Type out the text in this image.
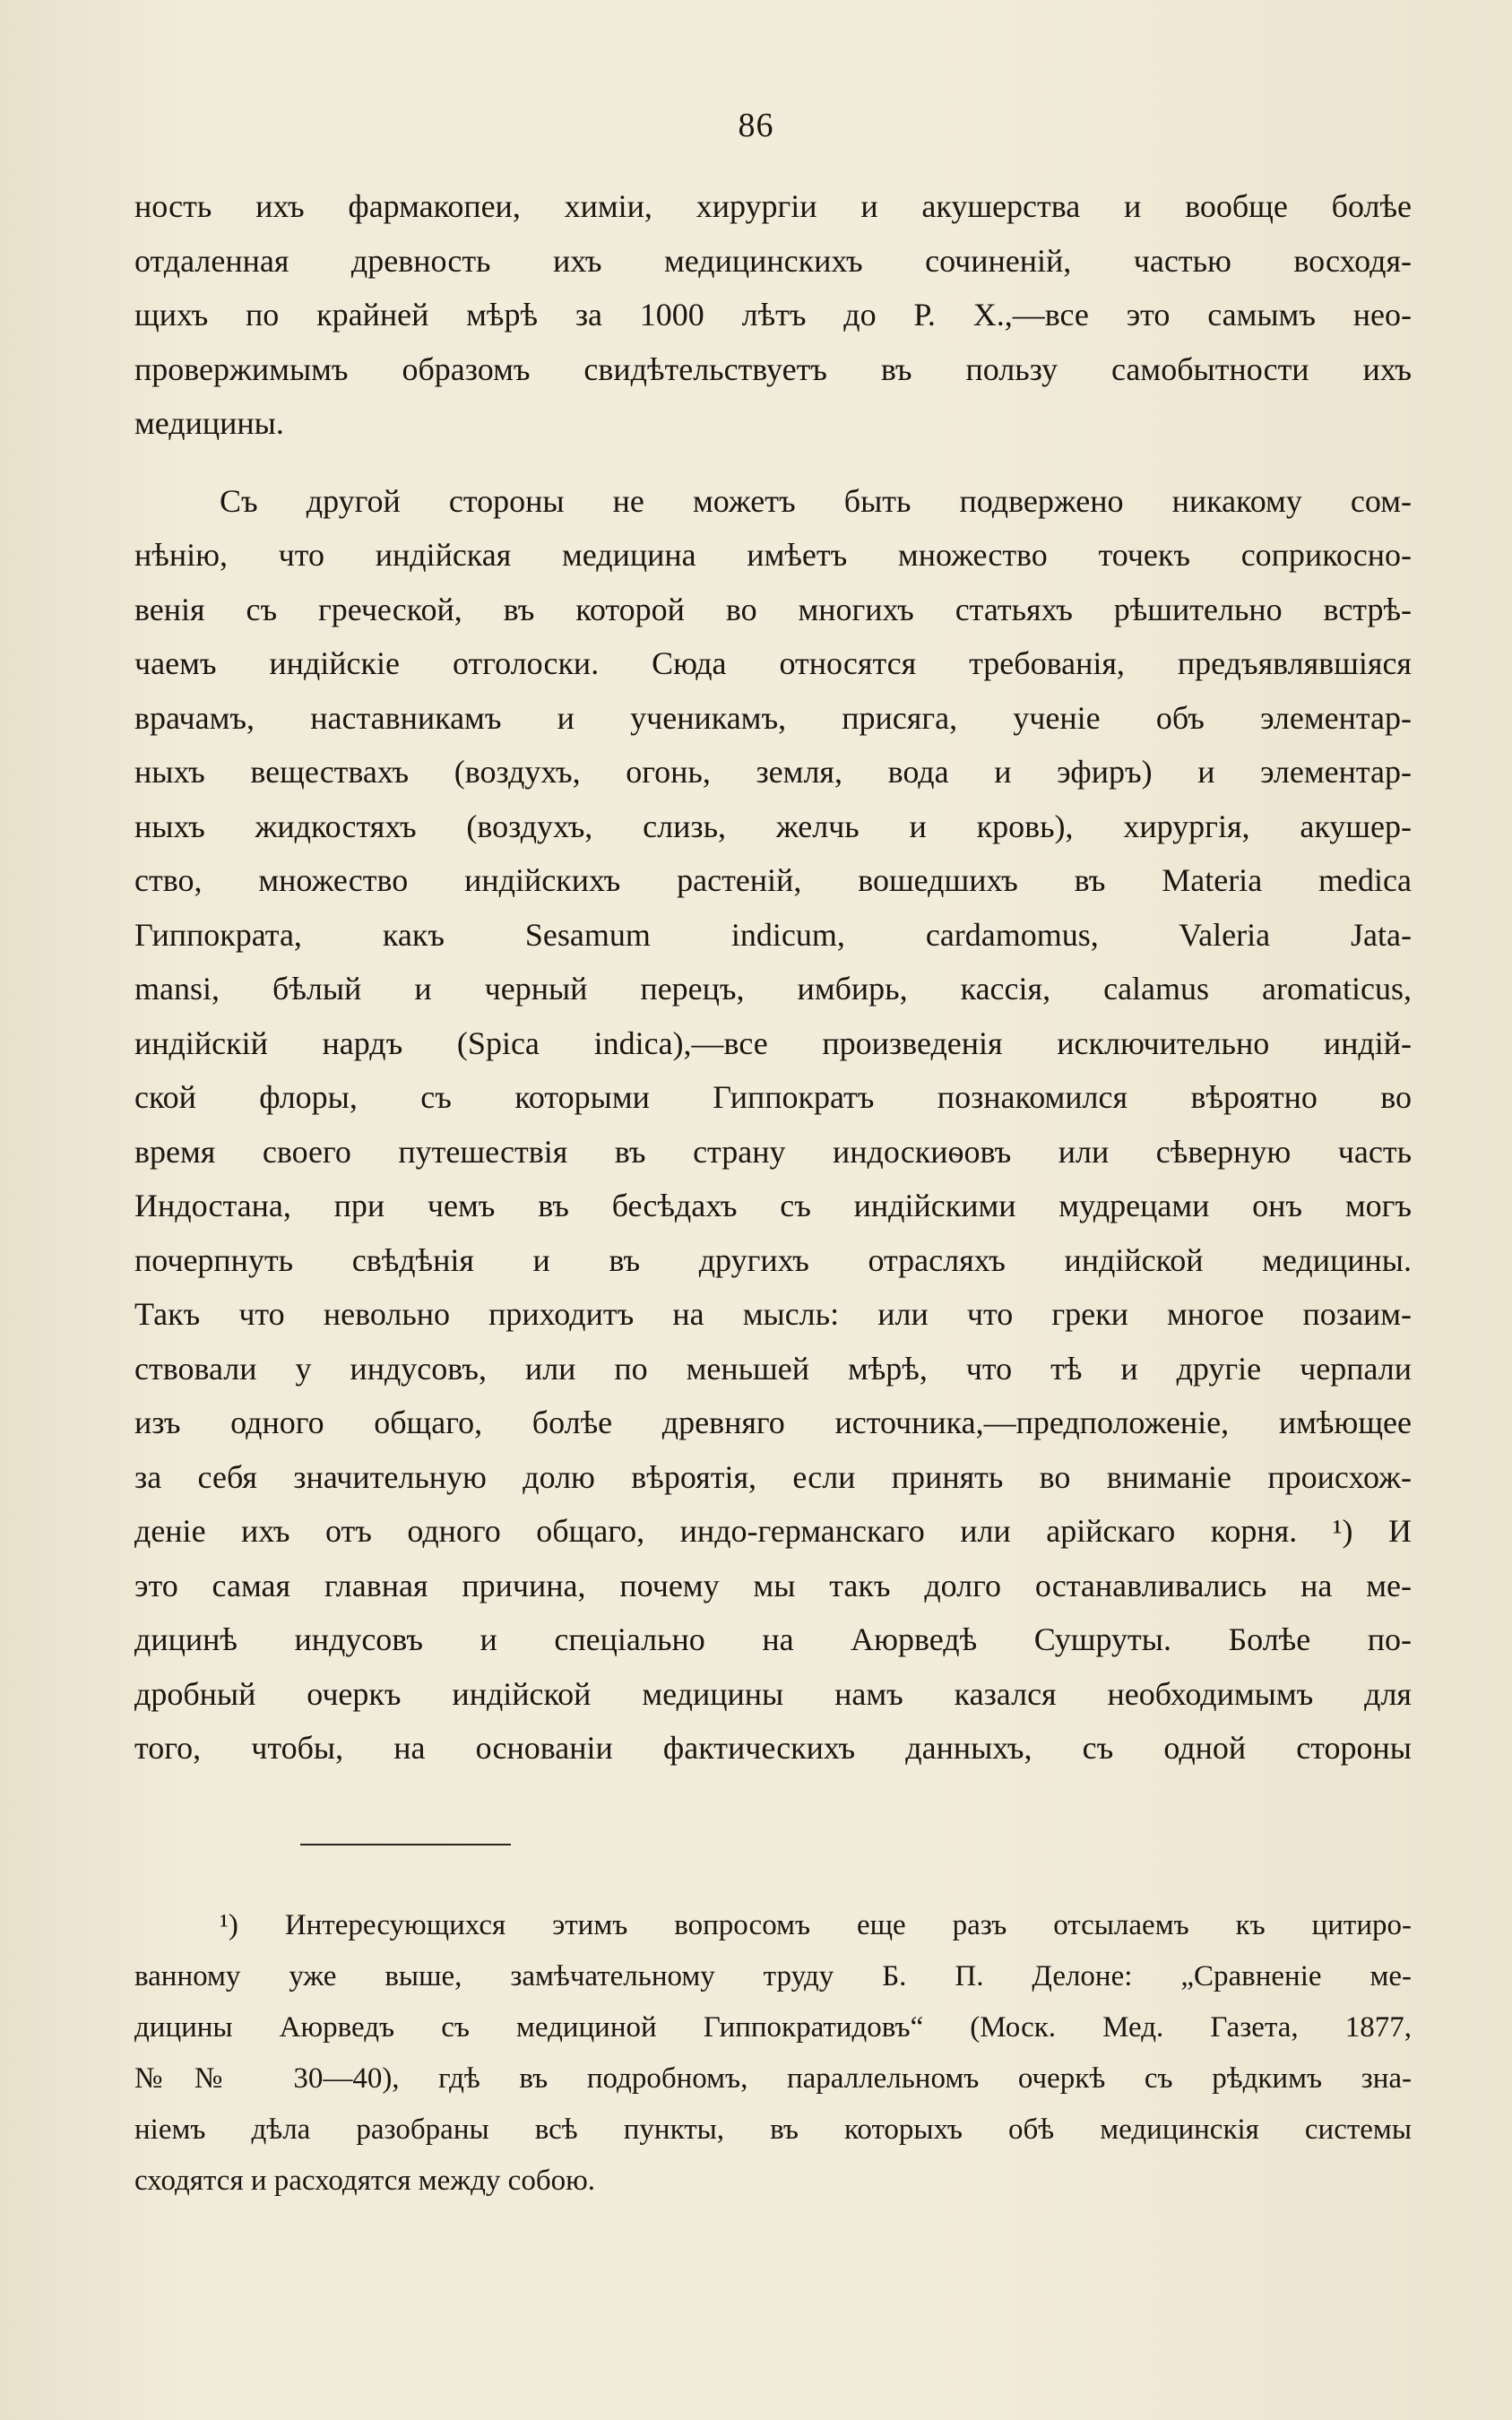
86
ность ихъ фармакопеи, химіи, хирургіи и акушерства и вообще болѣе
отдаленная древность ихъ медицинскихъ сочиненій, частью восходя-
щихъ по крайней мѣрѣ за 1000 лѣтъ до Р. Х.,—все это самымъ нео-
провержимымъ образомъ свидѣтельствуетъ въ пользу самобытности ихъ
медицины.
Съ другой стороны не можетъ быть подвержено никакому сом-
нѣнію, что индійская медицина имѣетъ множество точекъ соприкосно-
венія съ греческой, въ которой во многихъ статьяхъ рѣшительно встрѣ-
чаемъ индійскіе отголоски. Сюда относятся требованія, предъявлявшіяся
врачамъ, наставникамъ и ученикамъ, присяга, ученіе объ элементар-
ныхъ веществахъ (воздухъ, огонь, земля, вода и эфиръ) и элементар-
ныхъ жидкостяхъ (воздухъ, слизь, желчь и кровь), хирургія, акушер-
ство, множество индійскихъ растеній, вошедшихъ въ Materia medica
Гиппократа, какъ Sesamum indicum, cardamomus, Valeria Jata-
mansi, бѣлый и черный перецъ, имбирь, кассія, calamus aromaticus,
индійскій нардъ (Spica indica),—все произведенія исключительно индій-
ской флоры, съ которыми Гиппократъ познакомился вѣроятно во
время своего путешествія въ страну индоскиѳовъ или сѣверную часть
Индостана, при чемъ въ бесѣдахъ съ индійскими мудрецами онъ могъ
почерпнуть свѣдѣнія и въ другихъ отрасляхъ индійской медицины.
Такъ что невольно приходитъ на мысль: или что греки многое позаим-
ствовали у индусовъ, или по меньшей мѣрѣ, что тѣ и другіе черпали
изъ одного общаго, болѣе древняго источника,—предположеніе, имѣющее
за себя значительную долю вѣроятія, если принять во вниманіе происхож-
деніе ихъ отъ одного общаго, индо-германскаго или арійскаго корня. ¹) И
это самая главная причина, почему мы такъ долго останавливались на ме-
дицинѣ индусовъ и спеціально на Аюрведѣ Сушруты. Болѣе по-
дробный очеркъ индійской медицины намъ казался необходимымъ для
того, чтобы, на основаніи фактическихъ данныхъ, съ одной стороны
¹) Интересующихся этимъ вопросомъ еще разъ отсылаемъ къ цитиро-
ванному уже выше, замѣчательному труду Б. П. Делоне: „Сравненіе ме-
дицины Аюрведъ съ медициной Гиппократидовъ“ (Моск. Мед. Газета, 1877,
№№ 30—40), гдѣ въ подробномъ, параллельномъ очеркѣ съ рѣдкимъ зна-
ніемъ дѣла разобраны всѣ пункты, въ которыхъ обѣ медицинскія системы
сходятся и расходятся между собою.
